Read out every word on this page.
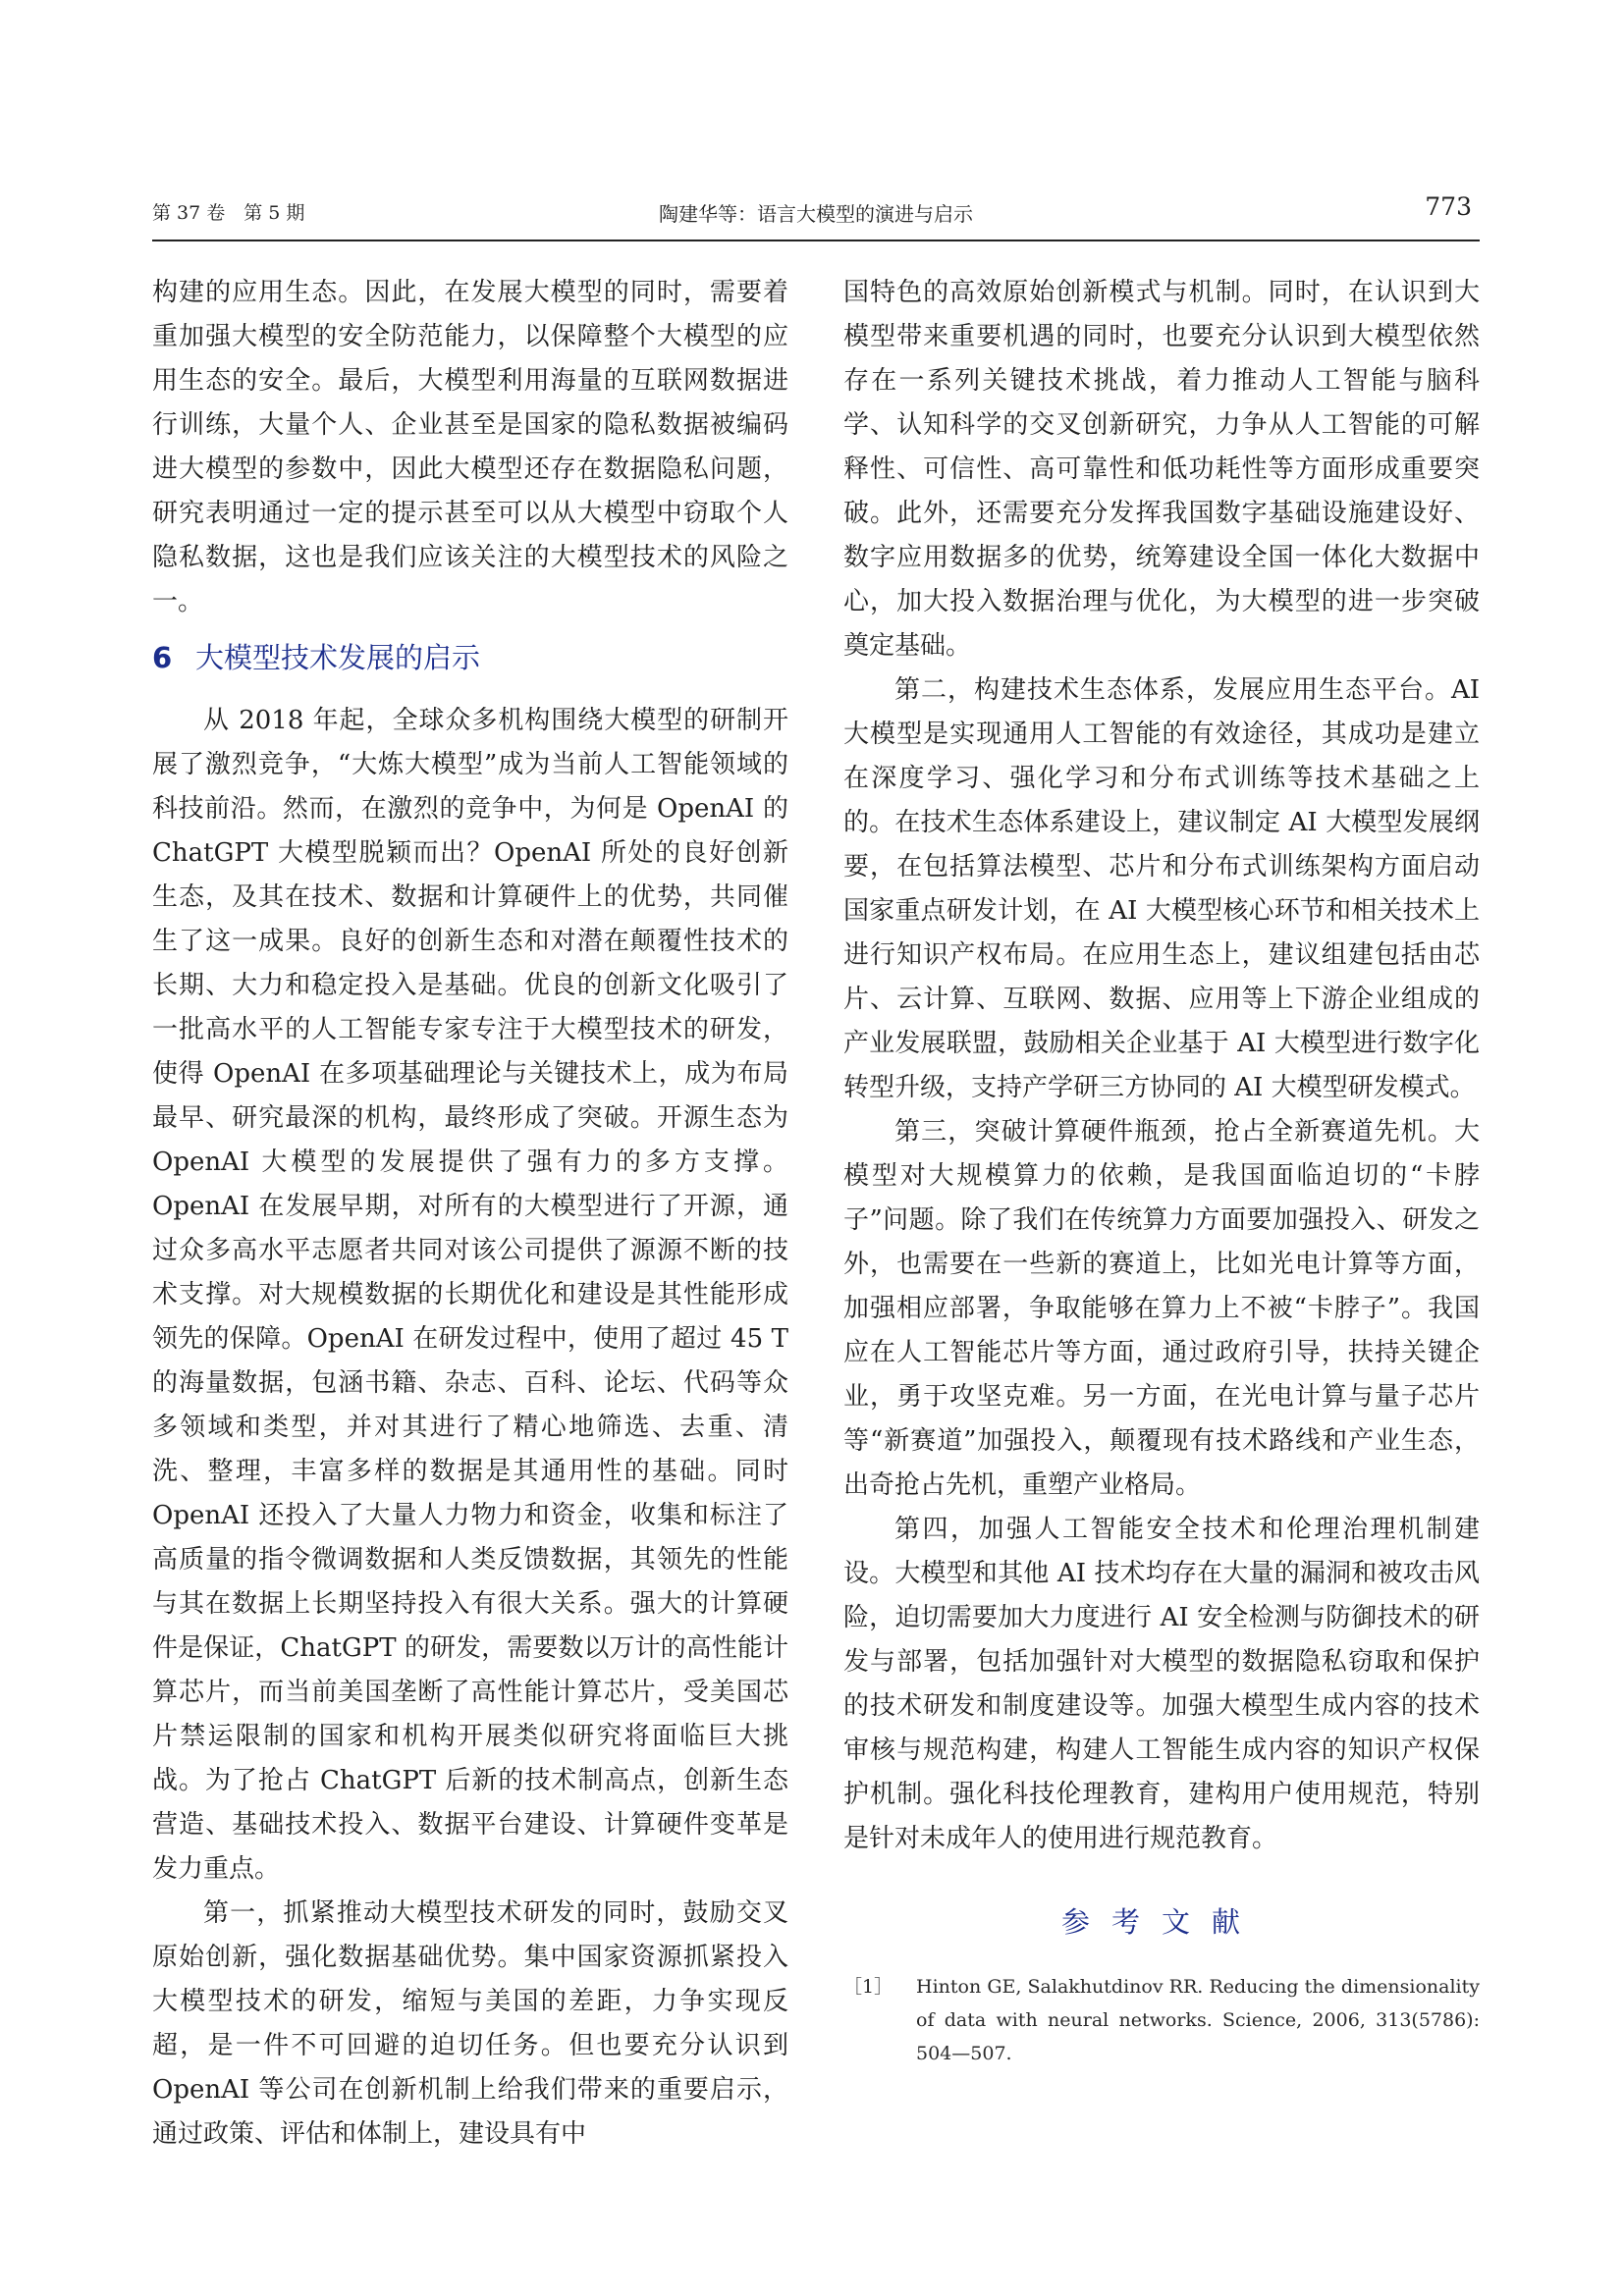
第 37 卷　第 5 期	陶建华等：语言大模型的演进与启示	773

构建的应用生态。因此，在发展大模型的同时，需要着重加强大模型的安全防范能力，以保障整个大模型的应用生态的安全。最后，大模型利用海量的互联网数据进行训练，大量个人、企业甚至是国家的隐私数据被编码进大模型的参数中，因此大模型还存在数据隐私问题，研究表明通过一定的提示甚至可以从大模型中窃取个人隐私数据，这也是我们应该关注的大模型技术的风险之一。

6 大模型技术发展的启示

从 2018 年起，全球众多机构围绕大模型的研制开展了激烈竞争，“大炼大模型”成为当前人工智能领域的科技前沿。然而，在激烈的竞争中，为何是 OpenAI 的 ChatGPT 大模型脱颖而出？OpenAI 所处的良好创新生态，及其在技术、数据和计算硬件上的优势，共同催生了这一成果。良好的创新生态和对潜在颠覆性技术的长期、大力和稳定投入是基础。优良的创新文化吸引了一批高水平的人工智能专家专注于大模型技术的研发，使得 OpenAI 在多项基础理论与关键技术上，成为布局最早、研究最深的机构，最终形成了突破。开源生态为 OpenAI 大模型的发展提供了强有力的多方支撑。OpenAI 在发展早期，对所有的大模型进行了开源，通过众多高水平志愿者共同对该公司提供了源源不断的技术支撑。对大规模数据的长期优化和建设是其性能形成领先的保障。OpenAI 在研发过程中，使用了超过 45 T 的海量数据，包涵书籍、杂志、百科、论坛、代码等众多领域和类型，并对其进行了精心地筛选、去重、清洗、整理，丰富多样的数据是其通用性的基础。同时 OpenAI 还投入了大量人力物力和资金，收集和标注了高质量的指令微调数据和人类反馈数据，其领先的性能与其在数据上长期坚持投入有很大关系。强大的计算硬件是保证，ChatGPT 的研发，需要数以万计的高性能计算芯片，而当前美国垄断了高性能计算芯片，受美国芯片禁运限制的国家和机构开展类似研究将面临巨大挑战。为了抢占 ChatGPT 后新的技术制高点，创新生态营造、基础技术投入、数据平台建设、计算硬件变革是发力重点。

第一，抓紧推动大模型技术研发的同时，鼓励交叉原始创新，强化数据基础优势。集中国家资源抓紧投入大模型技术的研发，缩短与美国的差距，力争实现反超，是一件不可回避的迫切任务。但也要充分认识到 OpenAI 等公司在创新机制上给我们带来的重要启示，通过政策、评估和体制上，建设具有中

国特色的高效原始创新模式与机制。同时，在认识到大模型带来重要机遇的同时，也要充分认识到大模型依然存在一系列关键技术挑战，着力推动人工智能与脑科学、认知科学的交叉创新研究，力争从人工智能的可解释性、可信性、高可靠性和低功耗性等方面形成重要突破。此外，还需要充分发挥我国数字基础设施建设好、数字应用数据多的优势，统筹建设全国一体化大数据中心，加大投入数据治理与优化，为大模型的进一步突破奠定基础。

第二，构建技术生态体系，发展应用生态平台。AI 大模型是实现通用人工智能的有效途径，其成功是建立在深度学习、强化学习和分布式训练等技术基础之上的。在技术生态体系建设上，建议制定 AI 大模型发展纲要，在包括算法模型、芯片和分布式训练架构方面启动国家重点研发计划，在 AI 大模型核心环节和相关技术上进行知识产权布局。在应用生态上，建议组建包括由芯片、云计算、互联网、数据、应用等上下游企业组成的产业发展联盟，鼓励相关企业基于 AI 大模型进行数字化转型升级，支持产学研三方协同的 AI 大模型研发模式。

第三，突破计算硬件瓶颈，抢占全新赛道先机。大模型对大规模算力的依赖，是我国面临迫切的“卡脖子”问题。除了我们在传统算力方面要加强投入、研发之外，也需要在一些新的赛道上，比如光电计算等方面，加强相应部署，争取能够在算力上不被“卡脖子”。我国应在人工智能芯片等方面，通过政府引导，扶持关键企业，勇于攻坚克难。另一方面，在光电计算与量子芯片等“新赛道”加强投入，颠覆现有技术路线和产业生态，出奇抢占先机，重塑产业格局。

第四，加强人工智能安全技术和伦理治理机制建设。大模型和其他 AI 技术均存在大量的漏洞和被攻击风险，迫切需要加大力度进行 AI 安全检测与防御技术的研发与部署，包括加强针对大模型的数据隐私窃取和保护的技术研发和制度建设等。加强大模型生成内容的技术审核与规范构建，构建人工智能生成内容的知识产权保护机制。强化科技伦理教育，建构用户使用规范，特别是针对未成年人的使用进行规范教育。

参考文献
［1］	Hinton GE, Salakhutdinov RR. Reducing the dimensionality of data with neural networks. Science, 2006, 313(5786): 504—507.
